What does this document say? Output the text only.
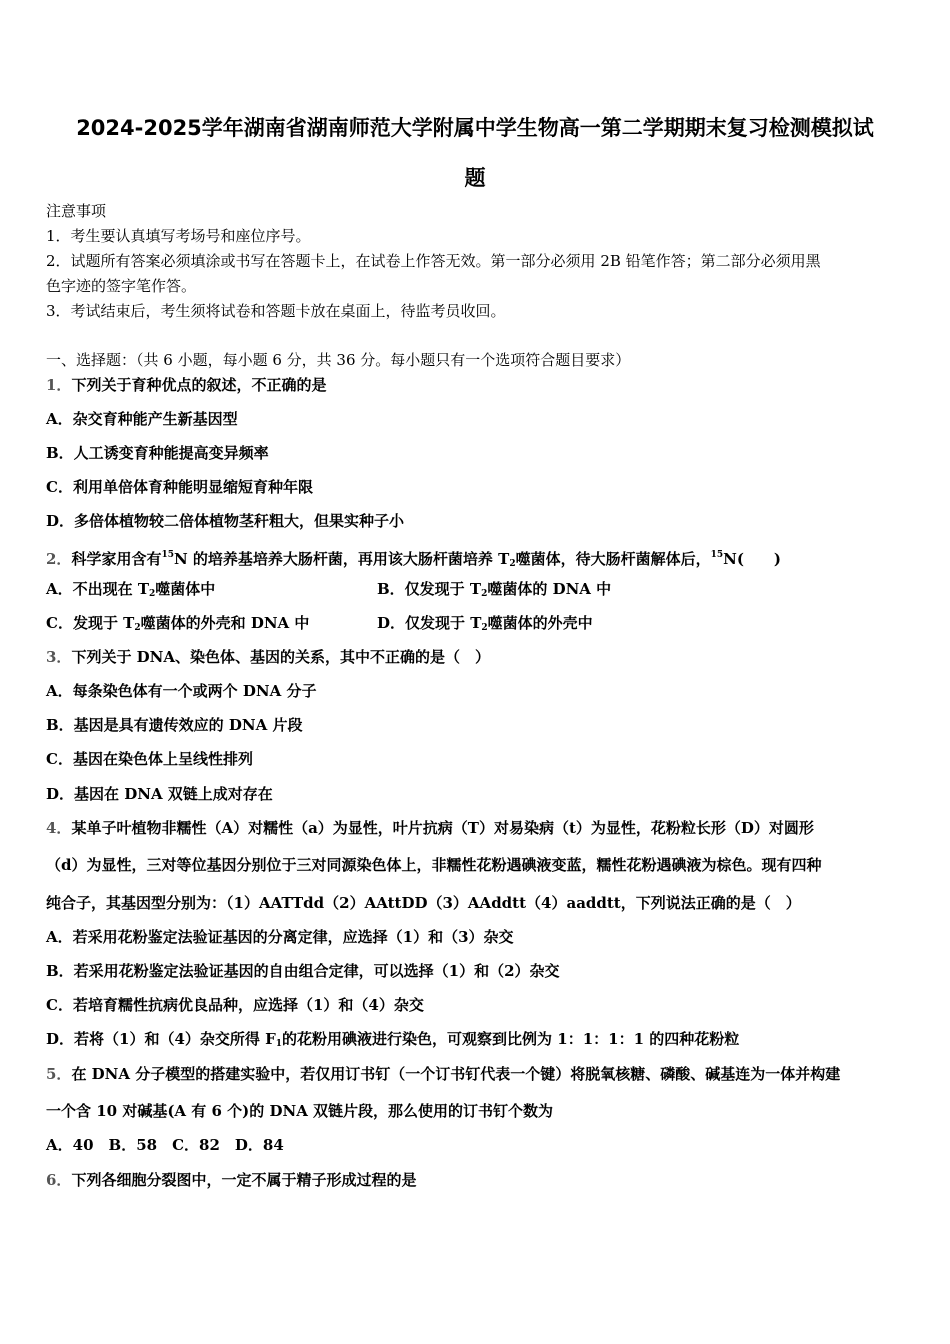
2024-2025学年湖南省湖南师范大学附属中学生物高一第二学期期末复习检测模拟试
题
注意事项
1．考生要认真填写考场号和座位序号。
2．试题所有答案必须填涂或书写在答题卡上，在试卷上作答无效。第一部分必须用 2B 铅笔作答；第二部分必须用黑
色字迹的签字笔作答。
3．考试结束后，考生须将试卷和答题卡放在桌面上，待监考员收回。
一、选择题：（共 6 小题，每小题 6 分，共 36 分。每小题只有一个选项符合题目要求）
1．下列关于育种优点的叙述，不正确的是
A．杂交育种能产生新基因型
B．人工诱变育种能提高变异频率
C．利用单倍体育种能明显缩短育种年限
D．多倍体植物较二倍体植物茎秆粗大，但果实种子小
2．科学家用含有$^{15}$N 的培养基培养大肠杆菌，再用该大肠杆菌培养 $T_2$噬菌体，待大肠杆菌解体后，$^{15}$N(　　)
A．不出现在 $T_2$噬菌体中	B．仅发现于 $T_2$噬菌体的 DNA 中
C．发现于 $T_2$噬菌体的外壳和 DNA 中	D．仅发现于 $T_2$噬菌体的外壳中
3．下列关于 DNA、染色体、基因的关系，其中不正确的是（　）
A．每条染色体有一个或两个 DNA 分子
B．基因是具有遗传效应的 DNA 片段
C．基因在染色体上呈线性排列
D．基因在 DNA 双链上成对存在
4．某单子叶植物非糯性（A）对糯性（a）为显性，叶片抗病（T）对易染病（t）为显性，花粉粒长形（D）对圆形
（d）为显性，三对等位基因分别位于三对同源染色体上，非糯性花粉遇碘液变蓝，糯性花粉遇碘液为棕色。现有四种
纯合子，其基因型分别为：（1）AATTdd（2）AAttDD（3）AAddtt（4）aaddtt，下列说法正确的是（　）
A．若采用花粉鉴定法验证基因的分离定律，应选择（1）和（3）杂交
B．若采用花粉鉴定法验证基因的自由组合定律，可以选择（1）和（2）杂交
C．若培育糯性抗病优良品种，应选择（1）和（4）杂交
D．若将（1）和（4）杂交所得 $F_1$的花粉用碘液进行染色，可观察到比例为 1：1：1：1 的四种花粉粒
5．在 DNA 分子模型的搭建实验中，若仅用订书钉（一个订书钉代表一个键）将脱氧核糖、磷酸、碱基连为一体并构建
一个含 10 对碱基(A 有 6 个)的 DNA 双链片段，那么使用的订书钉个数为
A．40　B．58　C．82　D．84
6．下列各细胞分裂图中，一定不属于精子形成过程的是
